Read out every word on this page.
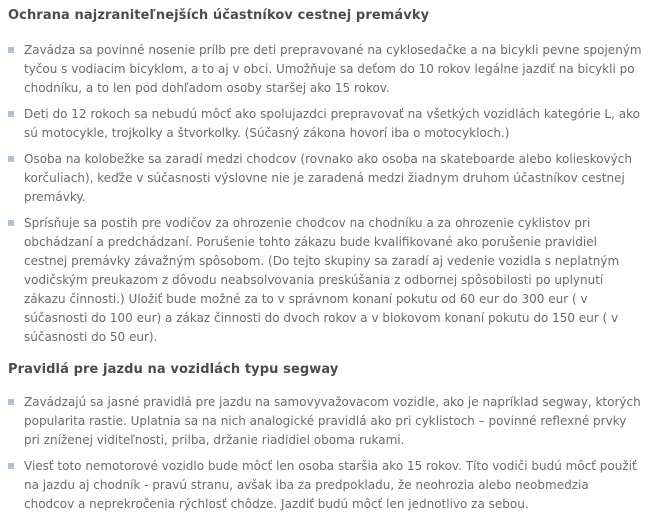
Ochrana najzraniteľnejších účastníkov cestnej premávky
Zavádza sa povinné nosenie prílb pre deti prepravované na cyklosedačke a na bicykli pevne spojeným tyčou s vodiacim bicyklom, a to aj v obci. Umožňuje sa deťom do 10 rokov legálne jazdiť na bicykli po chodníku, a to len pod dohľadom osoby staršej ako 15 rokov.
Deti do 12 rokoch sa nebudú môcť ako spolujazdci prepravovať na všetkých vozidlách kategórie L, ako sú motocykle, trojkolky a štvorkolky. (Súčasný zákona hovorí iba o motocykloch.)
Osoba na kolobežke sa zaradí medzi chodcov (rovnako ako osoba na skateboarde alebo kolieskových korčuliach), keďže v súčasnosti výslovne nie je zaradená medzi žiadnym druhom účastníkov cestnej premávky.
Sprísňuje sa postih pre vodičov za ohrozenie chodcov na chodníku a za ohrozenie cyklistov pri obchádzaní a predchádzaní. Porušenie tohto zákazu bude kvalifikované ako porušenie pravidiel cestnej premávky závažným spôsobom. (Do tejto skupiny sa zaradí aj vedenie vozidla s neplatným vodičským preukazom z dôvodu neabsolvovania preskúšania z odbornej spôsobilosti po uplynutí zákazu činnosti.) Uložiť bude možné za to v správnom konaní pokutu od 60 eur do 300 eur ( v súčasnosti do 100 eur) a zákaz činnosti do dvoch rokov a v blokovom konaní pokutu do 150 eur ( v súčasnosti do 50 eur).
Pravidlá pre jazdu na vozidlách typu segway
Zavádzajú sa jasné pravidlá pre jazdu na samovyvažovacom vozidle, ako je napríklad segway, ktorých popularita rastie. Uplatnia sa na nich analogické pravidlá ako pri cyklistoch – povinné reflexné prvky pri zníženej viditeľnosti, prilba, držanie riadidiel oboma rukami.
Viesť toto nemotorové vozidlo bude môcť len osoba staršia ako 15 rokov. Títo vodiči budú môcť použiť na jazdu aj chodník - pravú stranu, avšak iba za predpokladu, že neohrozia alebo neobmedzia chodcov a neprekročenia rýchlosť chôdze. Jazdiť budú môcť len jednotlivo za sebou.
